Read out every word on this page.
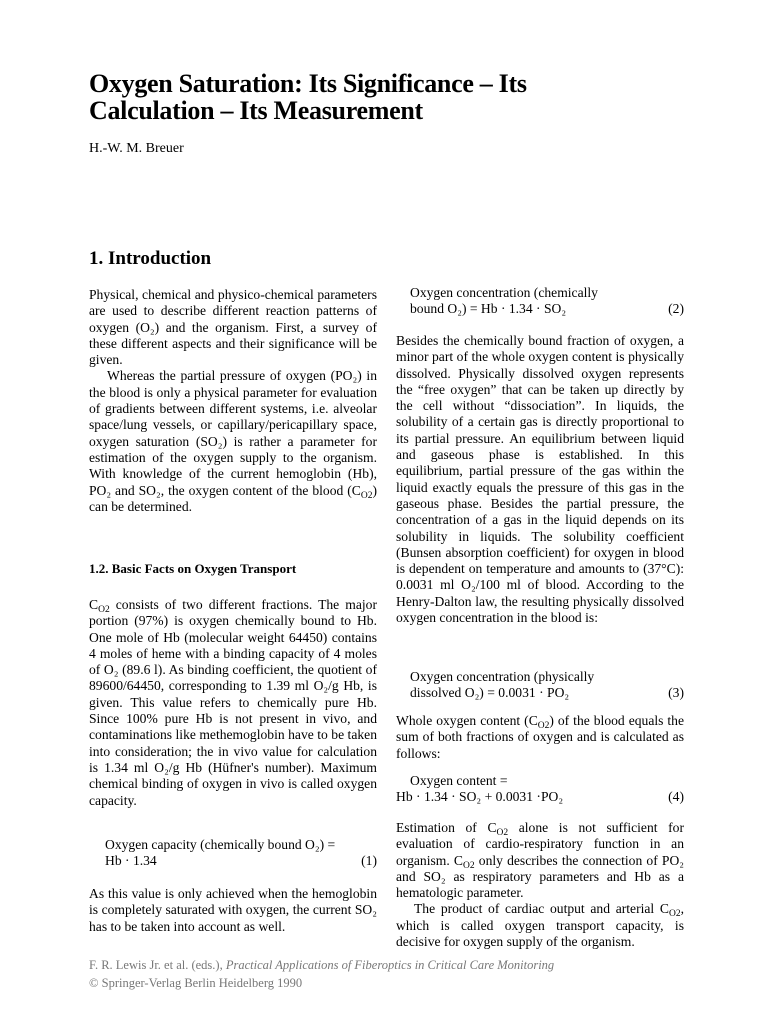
Oxygen Saturation: Its Significance – Its
Calculation – Its Measurement
H.-W. M. Breuer
1. Introduction

Physical, chemical and physico-chemical parameters are used to describe different reaction patterns of oxygen (O₂) and the organism. First, a survey of these different aspects and their significance will be given.

Whereas the partial pressure of oxygen (PO₂) in the blood is only a physical parameter for evaluation of gradients between different systems, i.e. alveolar space/lung vessels, or capillary/pericapillary space, oxygen saturation (SO₂) is rather a parameter for estimation of the oxygen supply to the organism. With knowledge of the current hemoglobin (Hb), PO₂ and SO₂, the oxygen content of the blood $(C_{O2})$ can be determined.

1.2. Basic Facts on Oxygen Transport

$C_{O2}$ consists of two different fractions. The major portion (97%) is oxygen chemically bound to Hb. One mole of Hb (molecular weight 64450) contains 4 moles of heme with a binding capacity of 4 moles of O₂ (89.6 l). As binding coefficient, the quotient of 89600/64450, corresponding to 1.39 ml O₂/g Hb, is given. This value refers to chemically pure Hb. Since 100% pure Hb is not present in vivo, and contaminations like methemoglobin have to be taken into consideration; the in vivo value for calculation is 1.34 ml O₂/g Hb (Hüfner's number). Maximum chemical binding of oxygen in vivo is called oxygen capacity.

Oxygen capacity (chemically bound O₂) =
Hb · 1.34	(1)

As this value is only achieved when the hemoglobin is completely saturated with oxygen, the current SO₂ has to be taken into account as well.

Oxygen concentration (chemically
bound O₂) = Hb · 1.34 · SO₂	(2)

Besides the chemically bound fraction of oxygen, a minor part of the whole oxygen content is physically dissolved. Physically dissolved oxygen represents the “free oxygen” that can be taken up directly by the cell without “dissociation”. In liquids, the solubility of a certain gas is directly proportional to its partial pressure. An equilibrium between liquid and gaseous phase is established. In this equilibrium, partial pressure of the gas within the liquid exactly equals the pressure of this gas in the gaseous phase. Besides the partial pressure, the concentration of a gas in the liquid depends on its solubility in liquids. The solubility coefficient (Bunsen absorption coefficient) for oxygen in blood is dependent on temperature and amounts to (37°C): 0.0031 ml O₂/100 ml of blood. According to the Henry-Dalton law, the resulting physically dissolved oxygen concentration in the blood is:

Oxygen concentration (physically
dissolved O₂) = 0.0031 · PO₂	(3)

Whole oxygen content $(C_{O2})$ of the blood equals the sum of both fractions of oxygen and is calculated as follows:

Oxygen content =
Hb · 1.34 · SO₂ + 0.0031 ·PO₂	(4)

Estimation of $C_{O2}$ alone is not sufficient for evaluation of cardio-respiratory function in an organism. $C_{O2}$ only describes the connection of PO₂ and SO₂ as respiratory parameters and Hb as a hematologic parameter.

The product of cardiac output and arterial $C_{O2}$, which is called oxygen transport capacity, is decisive for oxygen supply of the organism.

F. R. Lewis Jr. et al. (eds.), Practical Applications of Fiberoptics in Critical Care Monitoring
© Springer-Verlag Berlin Heidelberg 1990
